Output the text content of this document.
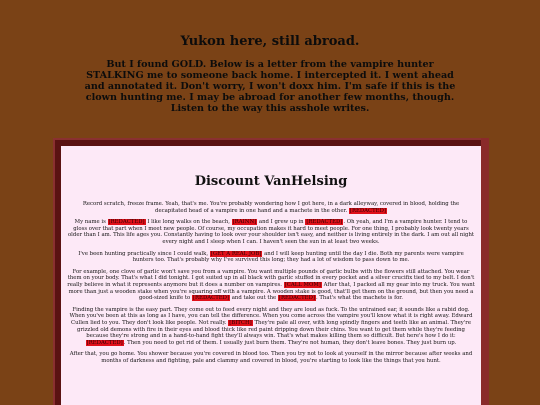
Yukon here, still abroad.
But I found GOLD. Below is a letter from the vampire hunter STALKING me to someone back home. I intercepted it. I went ahead and annotated it. Don't worry, I won't doxx him. I'm safe if this is the clown hunting me. I may be abroad for another few months, though. Listen to the way this asshole writes.
Discount VanHelsing

Record scratch, freeze frame. Yeah, that's me. You're probably wondering how I got here, in a dark alleyway, covered in blood, holding the decapitated head of a vampire in one hand and a machete in the other. [REDACTED]

My name is [REDACTED] I like long walks on the beach, [RAINN] and I grew up in [REDACTED]. Oh yeah, and I'm a vampire hunter. I tend to gloss over that part when I meet new people. Of course, my occupation makes it hard to meet people. For one thing, I probably look twenty years older than I am. This life ages you. Constantly having to look over your shoulder isn't easy, and neither is living entirely in the dark. I am out all night every night and I sleep when I can. I haven't seen the sun in at least two weeks.

I've been hunting practically since I could walk, [GET A REAL JOB] and I will keep hunting until the day I die. Both my parents were vampire hunters too. That's probably why I've survived this long; they had a lot of wisdom to pass down to me.

For example, one clove of garlic won't save you from a vampire. You want multiple pounds of garlic bulbs with the flowers still attached. You wear them on your body. That's what I did tonight. I got suited up in all black with garlic stuffed in every pocket and a silver crucifix tied to my belt. I don't really believe in what it represents anymore but it does a number on vampires. [CALL MOM] After that, I packed all my gear into my truck. You want more than just a wooden stake when you're squaring off with a vampire. A wooden stake is good, that'll get them on the ground, but then you need a good-sized knife to [REDACTED] and take out the [REDACTED]. That's what the machete is for.

Finding the vampire is the easy part. They come out to feed every night and they are loud as fuck. To the untrained ear, it sounds like a rabid dog. When you've been at this as long as I have, you can tell the difference. When you come across the vampire you'll know what it is right away. Edward Cullen lied to you. They don't look like people. Not really. [BITCH] They're pale all over, with long spindly fingers and teeth like an animal. They're grizzled old demons with fire in their eyes and blood thick like red paint dripping down their chins. You want to get them while they're feeding because they're strong and in a hand-to-hand fight they'll always win. That's what makes killing them so difficult. But here's how I do it: [REDACTED]. Then you need to get rid of them. I usually just burn them. They're not human, they don't leave bones. They just burn up.

After that, you go home. You shower because you're covered in blood too. Then you try not to look at yourself in the mirror because after weeks and months of darkness and fighting, pale and clammy and covered in blood, you're starting to look like the things that you hunt.
